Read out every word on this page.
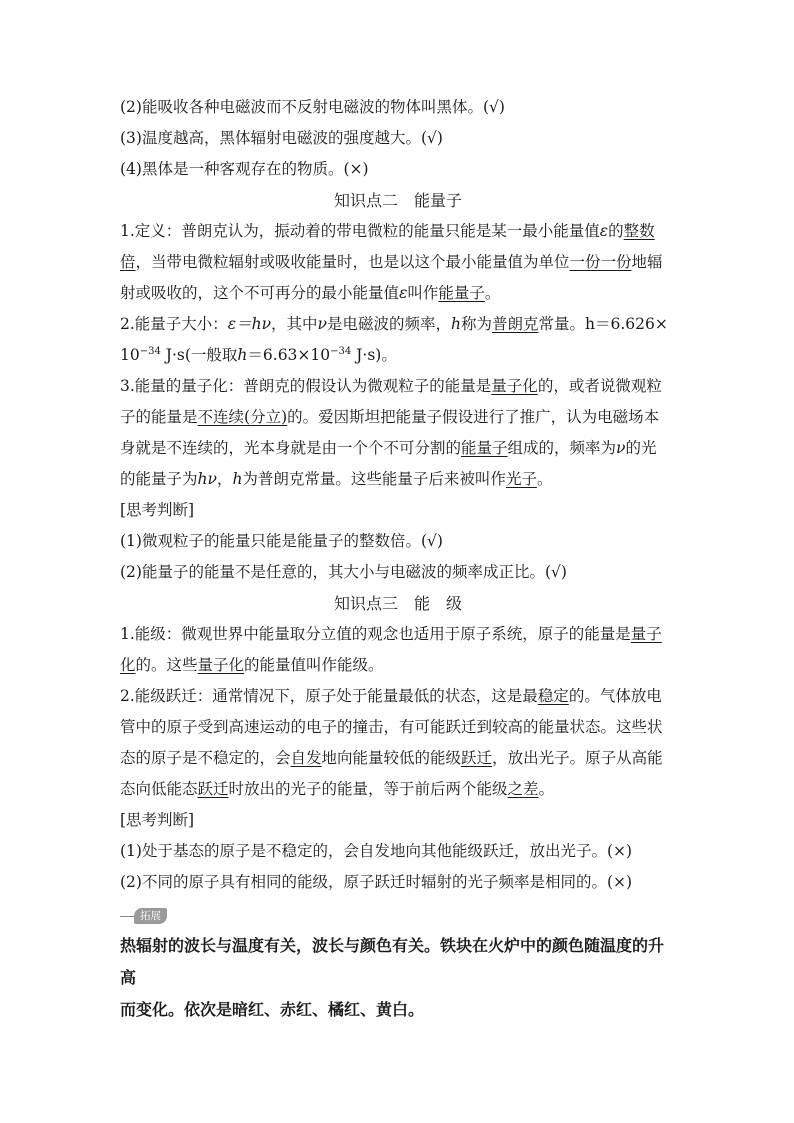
(2)能吸收各种电磁波而不反射电磁波的物体叫黑体。(√)
(3)温度越高，黑体辐射电磁波的强度越大。(√)
(4)黑体是一种客观存在的物质。(×)
知识点二　能量子
1.定义：普朗克认为，振动着的带电微粒的能量只能是某一最小能量值ε的整数
倍，当带电微粒辐射或吸收能量时，也是以这个最小能量值为单位一份一份地辐
射或吸收的，这个不可再分的最小能量值ε叫作能量子。
2.能量子大小：ε＝hν，其中ν是电磁波的频率，h称为普朗克常量。h＝6.626×
$10^{-34}$ J·s(一般取$h=6.63\times 10^{-34}$ J·s)。
3.能量的量子化：普朗克的假设认为微观粒子的能量是量子化的，或者说微观粒
子的能量是不连续(分立)的。爱因斯坦把能量子假设进行了推广，认为电磁场本
身就是不连续的，光本身就是由一个个不可分割的能量子组成的，频率为ν的光
的能量子为hν，h为普朗克常量。这些能量子后来被叫作光子。
[思考判断]
(1)微观粒子的能量只能是能量子的整数倍。(√)
(2)能量子的能量不是任意的，其大小与电磁波的频率成正比。(√)
知识点三　能　级
1.能级：微观世界中能量取分立值的观念也适用于原子系统，原子的能量是量子
化的。这些量子化的能量值叫作能级。
2.能级跃迁：通常情况下，原子处于能量最低的状态，这是最稳定的。气体放电
管中的原子受到高速运动的电子的撞击，有可能跃迁到较高的能量状态。这些状
态的原子是不稳定的，会自发地向能量较低的能级跃迁，放出光子。原子从高能
态向低能态跃迁时放出的光子的能量，等于前后两个能级之差。
[思考判断]
(1)处于基态的原子是不稳定的，会自发地向其他能级跃迁，放出光子。(×)
(2)不同的原子具有相同的能级，原子跃迁时辐射的光子频率是相同的。(×)
拓展
热辐射的波长与温度有关，波长与颜色有关。铁块在火炉中的颜色随温度的升高
而变化。依次是暗红、赤红、橘红、黄白。
